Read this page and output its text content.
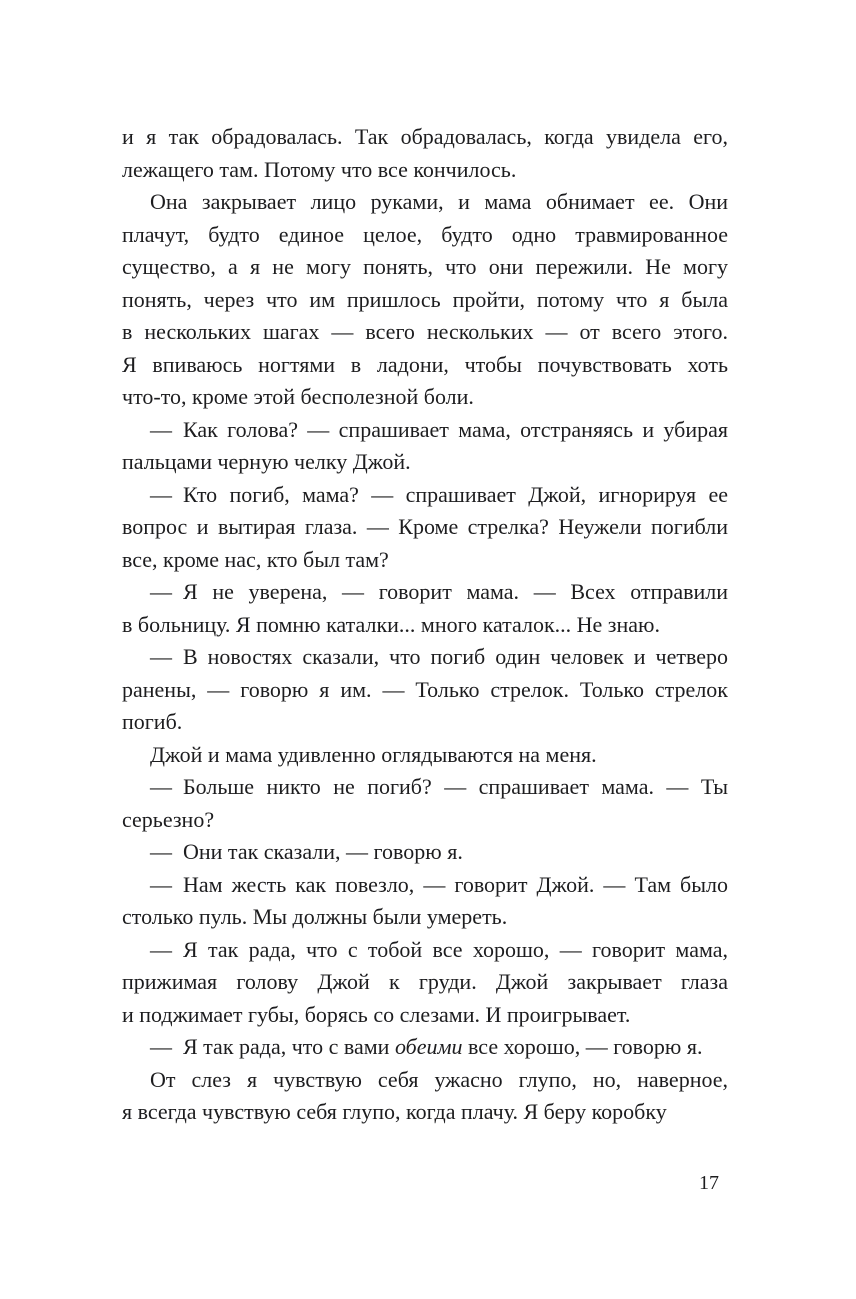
и я так обрадовалась. Так обрадовалась, когда увидела его,
лежащего там. Потому что все кончилось.
Она закрывает лицо руками, и мама обнимает ее. Они
плачут, будто единое целое, будто одно травмированное
существо, а я не могу понять, что они пережили. Не могу
понять, через что им пришлось пройти, потому что я была
в нескольких шагах — всего нескольких — от всего этого.
Я впиваюсь ногтями в ладони, чтобы почувствовать хоть
что-то, кроме этой бесполезной боли.
— Как голова? — спрашивает мама, отстраняясь и убирая
пальцами черную челку Джой.
— Кто погиб, мама? — спрашивает Джой, игнорируя ее
вопрос и вытирая глаза. — Кроме стрелка? Неужели погибли
все, кроме нас, кто был там?
— Я не уверена, — говорит мама. — Всех отправили
в больницу. Я помню каталки... много каталок... Не знаю.
— В новостях сказали, что погиб один человек и четверо
ранены, — говорю я им. — Только стрелок. Только стрелок
погиб.
Джой и мама удивленно оглядываются на меня.
— Больше никто не погиб? — спрашивает мама. — Ты
серьезно?
— Они так сказали, — говорю я.
— Нам жесть как повезло, — говорит Джой. — Там было
столько пуль. Мы должны были умереть.
— Я так рада, что с тобой все хорошо, — говорит мама,
прижимая голову Джой к груди. Джой закрывает глаза
и поджимает губы, борясь со слезами. И проигрывает.
— Я так рада, что с вами обеими все хорошо, — говорю я.
От слез я чувствую себя ужасно глупо, но, наверное,
я всегда чувствую себя глупо, когда плачу. Я беру коробку
17
